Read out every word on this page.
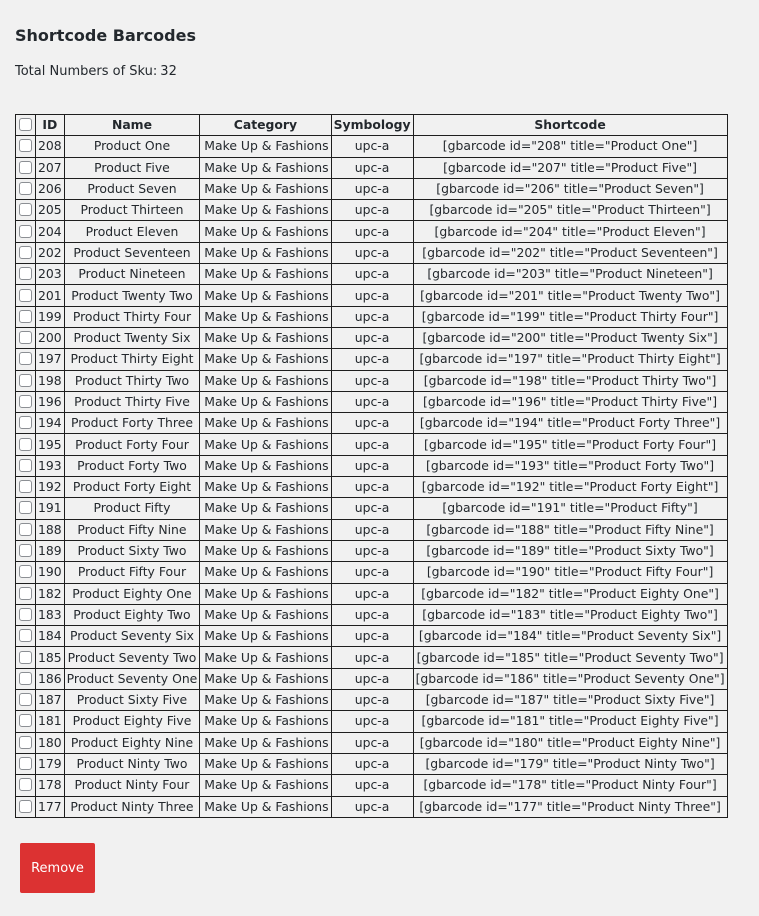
Shortcode Barcodes

Total Numbers of Sku: 32

	ID	Name	Category	Symbology	Shortcode
	208	Product One	Make Up & Fashions	upc-a	[gbarcode id="208" title="Product One"]
	207	Product Five	Make Up & Fashions	upc-a	[gbarcode id="207" title="Product Five"]
	206	Product Seven	Make Up & Fashions	upc-a	[gbarcode id="206" title="Product Seven"]
	205	Product Thirteen	Make Up & Fashions	upc-a	[gbarcode id="205" title="Product Thirteen"]
	204	Product Eleven	Make Up & Fashions	upc-a	[gbarcode id="204" title="Product Eleven"]
	202	Product Seventeen	Make Up & Fashions	upc-a	[gbarcode id="202" title="Product Seventeen"]
	203	Product Nineteen	Make Up & Fashions	upc-a	[gbarcode id="203" title="Product Nineteen"]
	201	Product Twenty Two	Make Up & Fashions	upc-a	[gbarcode id="201" title="Product Twenty Two"]
	199	Product Thirty Four	Make Up & Fashions	upc-a	[gbarcode id="199" title="Product Thirty Four"]
	200	Product Twenty Six	Make Up & Fashions	upc-a	[gbarcode id="200" title="Product Twenty Six"]
	197	Product Thirty Eight	Make Up & Fashions	upc-a	[gbarcode id="197" title="Product Thirty Eight"]
	198	Product Thirty Two	Make Up & Fashions	upc-a	[gbarcode id="198" title="Product Thirty Two"]
	196	Product Thirty Five	Make Up & Fashions	upc-a	[gbarcode id="196" title="Product Thirty Five"]
	194	Product Forty Three	Make Up & Fashions	upc-a	[gbarcode id="194" title="Product Forty Three"]
	195	Product Forty Four	Make Up & Fashions	upc-a	[gbarcode id="195" title="Product Forty Four"]
	193	Product Forty Two	Make Up & Fashions	upc-a	[gbarcode id="193" title="Product Forty Two"]
	192	Product Forty Eight	Make Up & Fashions	upc-a	[gbarcode id="192" title="Product Forty Eight"]
	191	Product Fifty	Make Up & Fashions	upc-a	[gbarcode id="191" title="Product Fifty"]
	188	Product Fifty Nine	Make Up & Fashions	upc-a	[gbarcode id="188" title="Product Fifty Nine"]
	189	Product Sixty Two	Make Up & Fashions	upc-a	[gbarcode id="189" title="Product Sixty Two"]
	190	Product Fifty Four	Make Up & Fashions	upc-a	[gbarcode id="190" title="Product Fifty Four"]
	182	Product Eighty One	Make Up & Fashions	upc-a	[gbarcode id="182" title="Product Eighty One"]
	183	Product Eighty Two	Make Up & Fashions	upc-a	[gbarcode id="183" title="Product Eighty Two"]
	184	Product Seventy Six	Make Up & Fashions	upc-a	[gbarcode id="184" title="Product Seventy Six"]
	185	Product Seventy Two	Make Up & Fashions	upc-a	[gbarcode id="185" title="Product Seventy Two"]
	186	Product Seventy One	Make Up & Fashions	upc-a	[gbarcode id="186" title="Product Seventy One"]
	187	Product Sixty Five	Make Up & Fashions	upc-a	[gbarcode id="187" title="Product Sixty Five"]
	181	Product Eighty Five	Make Up & Fashions	upc-a	[gbarcode id="181" title="Product Eighty Five"]
	180	Product Eighty Nine	Make Up & Fashions	upc-a	[gbarcode id="180" title="Product Eighty Nine"]
	179	Product Ninty Two	Make Up & Fashions	upc-a	[gbarcode id="179" title="Product Ninty Two"]
	178	Product Ninty Four	Make Up & Fashions	upc-a	[gbarcode id="178" title="Product Ninty Four"]
	177	Product Ninty Three	Make Up & Fashions	upc-a	[gbarcode id="177" title="Product Ninty Three"]
Remove
